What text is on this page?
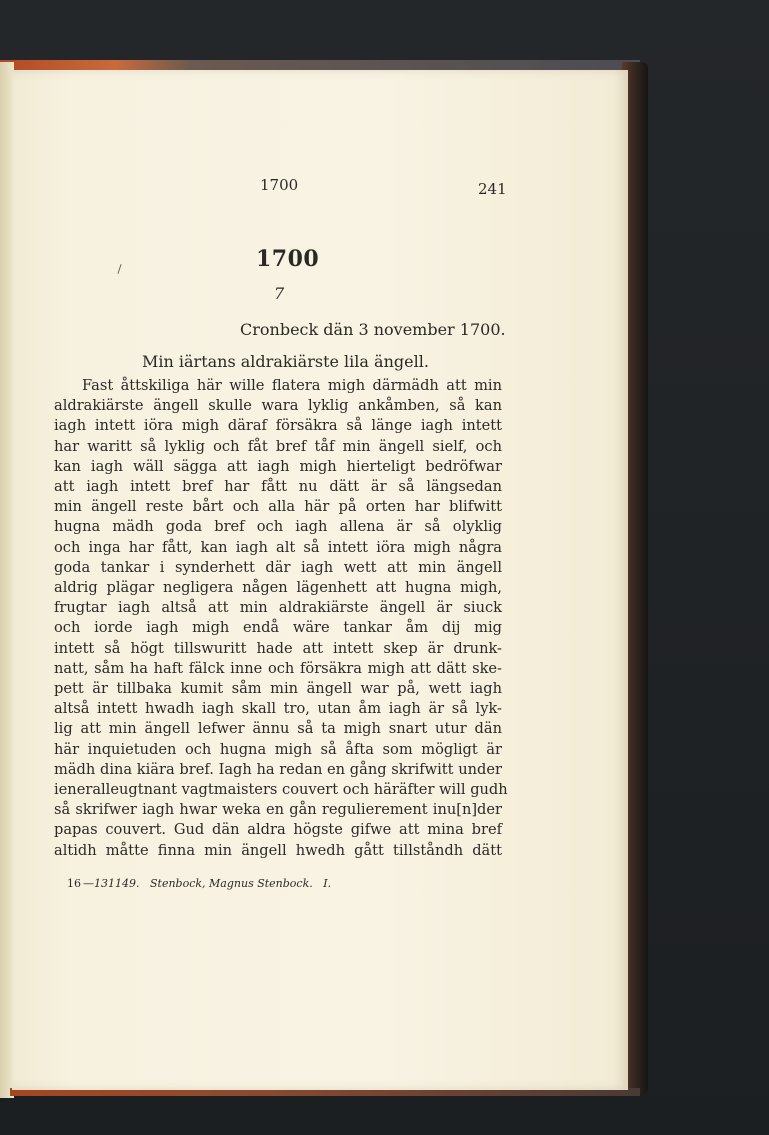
1700	241
1700
7
Cronbeck dän 3 november 1700.
Min iärtans aldrakiärste lila ängell.
Fast åttskiliga här wille flatera migh därmädh att min
aldrakiärste ängell skulle wara lyklig ankåmben, så kan
iagh intett iöra migh däraf försäkra så länge iagh intett
har waritt så lyklig och fåt bref tåf min ängell sielf, och
kan iagh wäll sägga att iagh migh hierteligt bedröfwar
att iagh intett bref har fått nu dätt är så längsedan
min ängell reste bårt och alla här på orten har blifwitt
hugna mädh goda bref och iagh allena är så olyklig
och inga har fått, kan iagh alt så intett iöra migh några
goda tankar i synderhett där iagh wett att min ängell
aldrig plägar negligera någen lägenhett att hugna migh,
frugtar iagh altså att min aldrakiärste ängell är siuck
och iorde iagh migh endå wäre tankar åm dij mig
intett så högt tillswuritt hade att intett skep är drunk-
natt, såm ha haft fälck inne och försäkra migh att dätt ske-
pett är tillbaka kumit såm min ängell war på, wett iagh
altså intett hwadh iagh skall tro, utan åm iagh är så lyk-
lig att min ängell lefwer ännu så ta migh snart utur dän
här inquietuden och hugna migh så åfta som mögligt är
mädh dina kiära bref. Iagh ha redan en gång skrifwitt under
ieneralleugtnant vagtmaisters couvert och häräfter will gudh
så skrifwer iagh hwar weka en gån regulierement inu[n]der
papas couvert. Gud dän aldra högste gifwe att mina bref
altidh måtte finna min ängell hwedh gått tillståndh dätt
16 —131149. Stenbock, Magnus Stenbock. I.
